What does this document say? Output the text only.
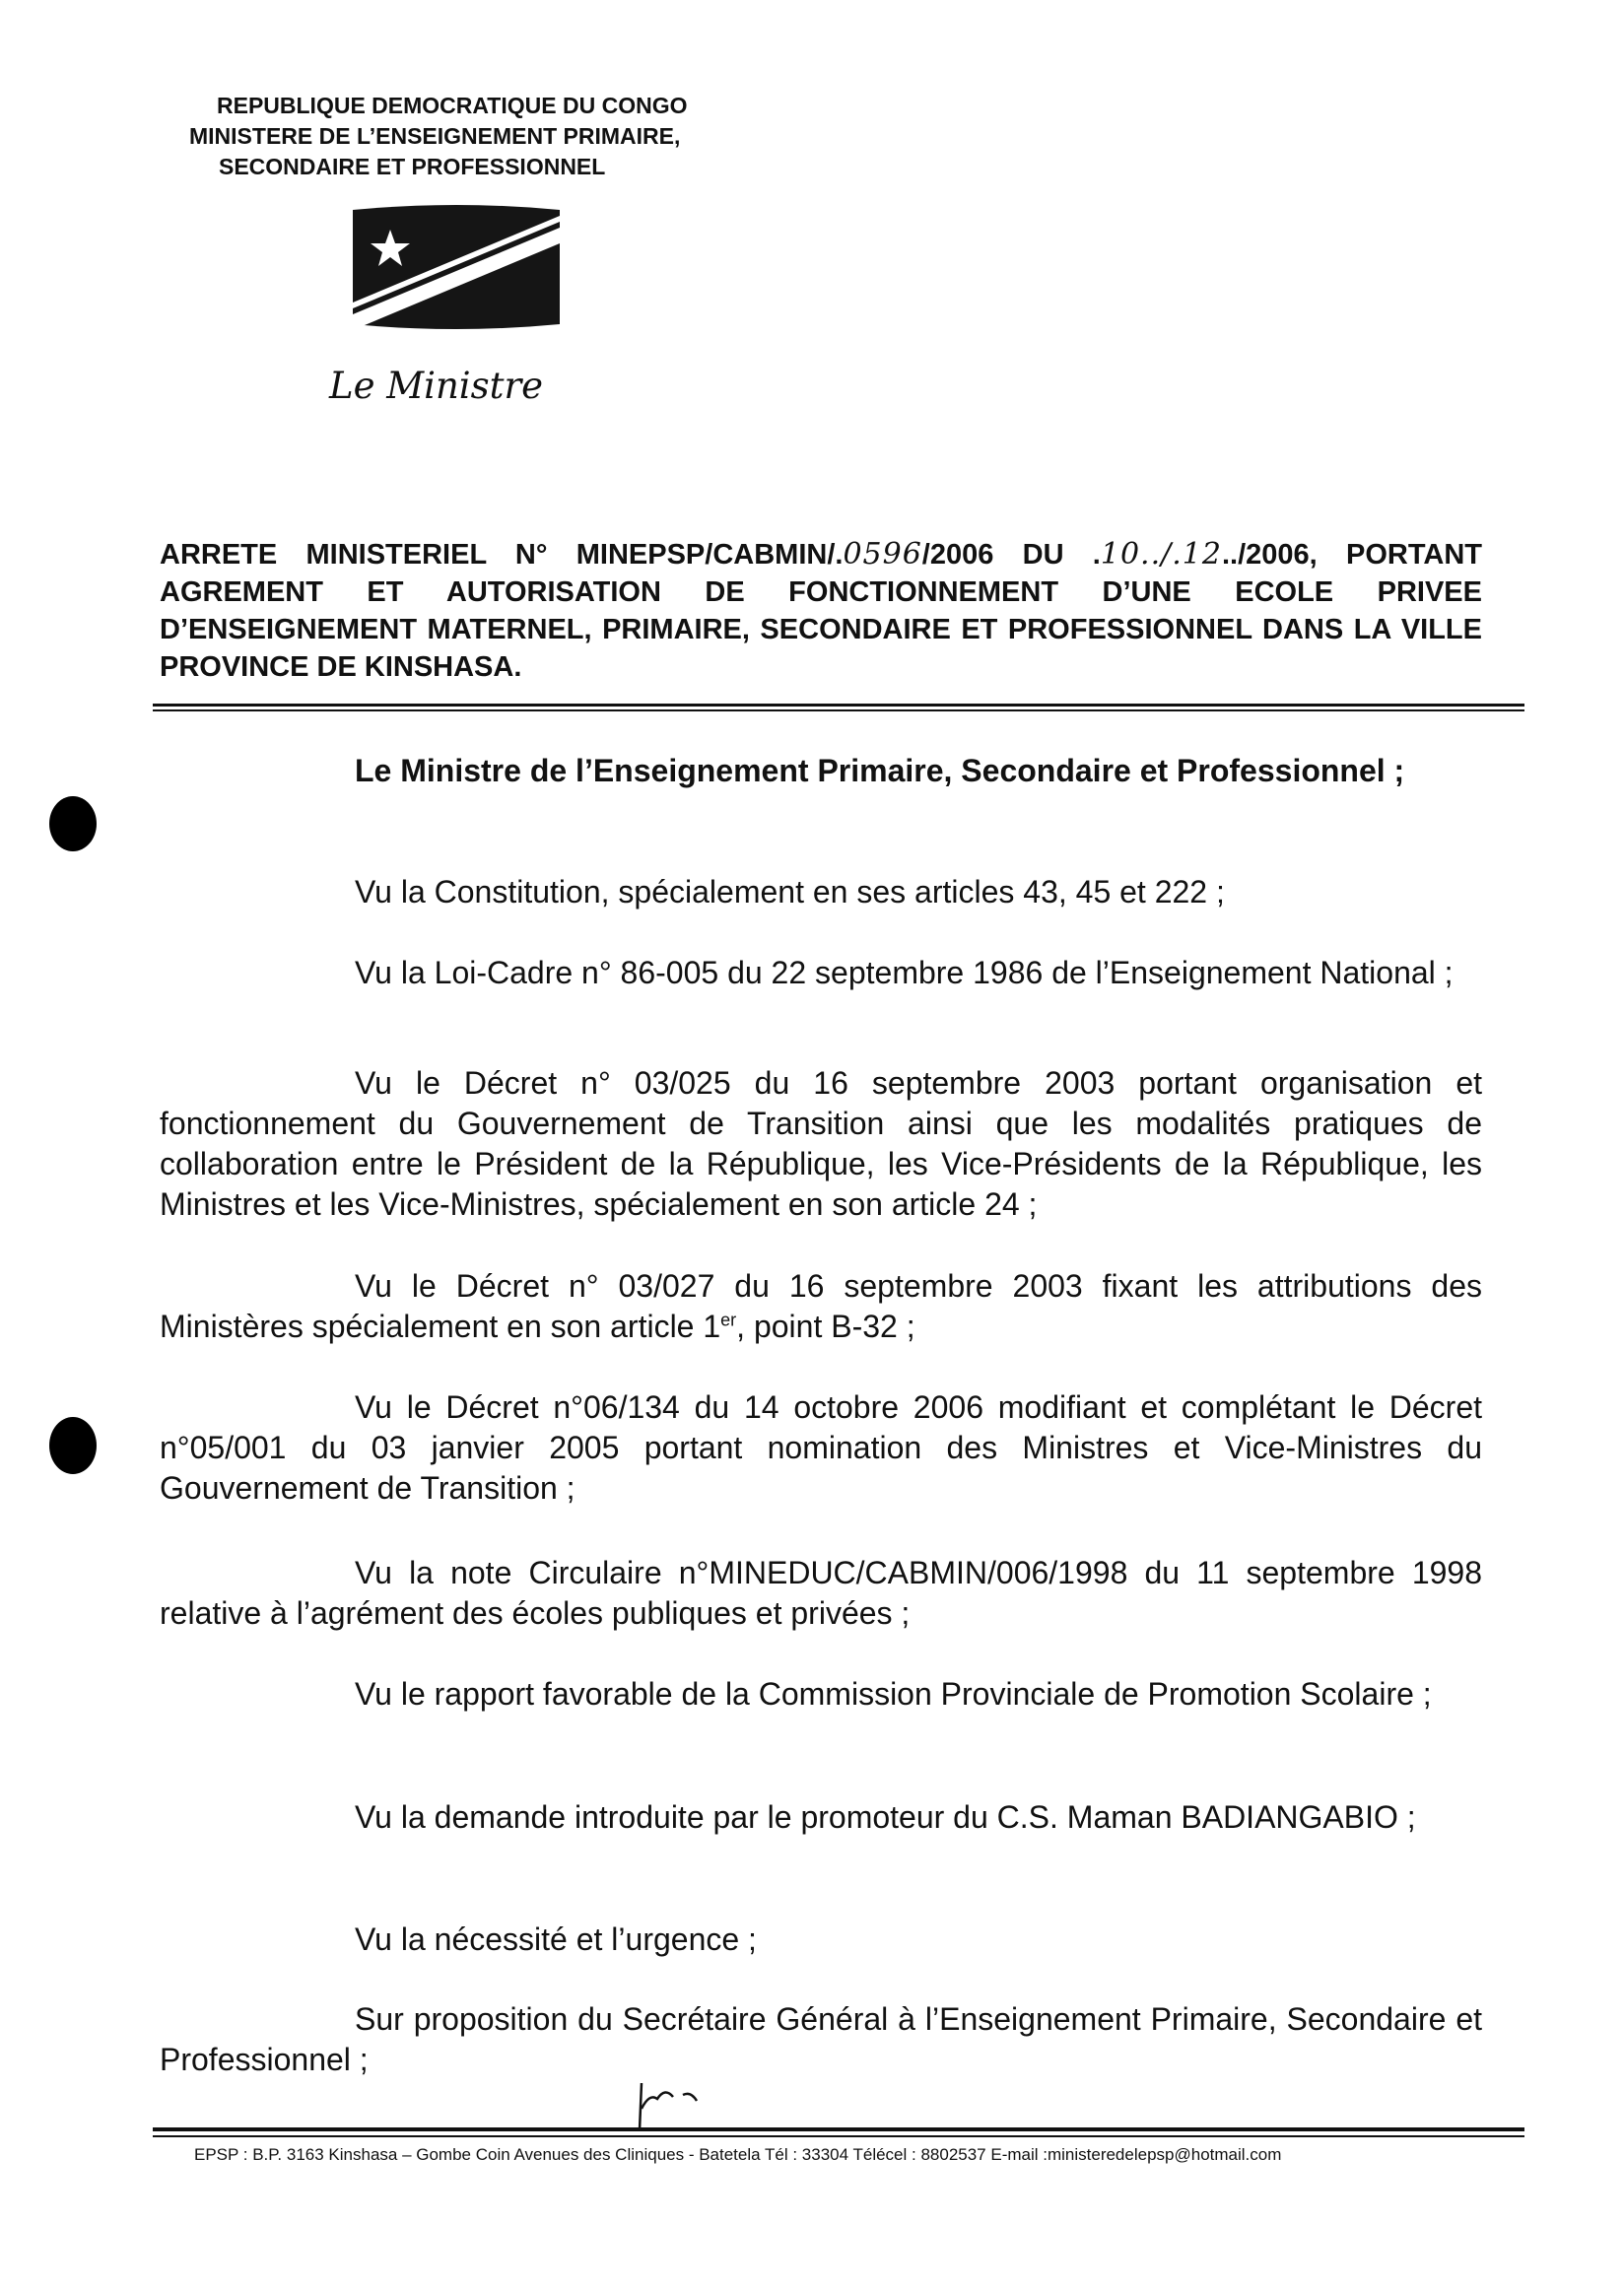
REPUBLIQUE DEMOCRATIQUE DU CONGO
MINISTERE DE L’ENSEIGNEMENT PRIMAIRE,
SECONDAIRE ET PROFESSIONNEL
Le Ministre
ARRETE MINISTERIEL N° MINEPSP/CABMIN/.0596/2006 DU .10../.12../2006, PORTANT AGREMENT ET AUTORISATION DE FONCTIONNEMENT D’UNE ECOLE PRIVEE D’ENSEIGNEMENT MATERNEL, PRIMAIRE, SECONDAIRE ET PROFESSIONNEL DANS LA VILLE PROVINCE DE KINSHASA.
Le Ministre de l’Enseignement Primaire, Secondaire et Professionnel ;
Vu la Constitution, spécialement en ses articles 43, 45 et 222 ;
Vu la Loi-Cadre n° 86-005 du 22 septembre 1986 de l’Enseignement National ;
Vu le Décret n° 03/025 du 16 septembre 2003 portant organisation et fonctionnement du Gouvernement de Transition ainsi que les modalités pratiques de collaboration entre le Président de la République, les Vice-Présidents de la République, les Ministres et les Vice-Ministres, spécialement en son article 24 ;
Vu le Décret n° 03/027 du 16 septembre 2003 fixant les attributions des Ministères spécialement en son article 1er, point B-32 ;
Vu le Décret n°06/134 du 14 octobre 2006 modifiant et complétant le Décret n°05/001 du 03 janvier 2005 portant nomination des Ministres et Vice-Ministres du Gouvernement de Transition ;
Vu la note Circulaire n°MINEDUC/CABMIN/006/1998 du 11 septembre 1998 relative à l’agrément des écoles publiques et privées ;
Vu le rapport favorable de la Commission Provinciale de Promotion Scolaire ;
Vu la demande introduite par le promoteur du C.S. Maman BADIANGABIO ;
Vu la nécessité et l’urgence ;
Sur proposition du Secrétaire Général à l’Enseignement Primaire, Secondaire et Professionnel ;
EPSP : B.P. 3163 Kinshasa – Gombe Coin Avenues des Cliniques - Batetela Tél : 33304 Télécel : 8802537 E-mail :ministeredelepsp@hotmail.com
